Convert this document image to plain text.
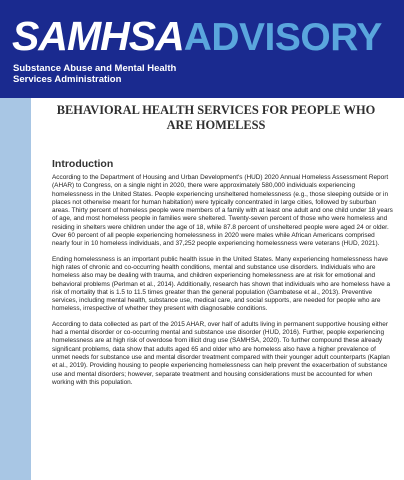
SAMHSAADVISORY
Substance Abuse and Mental Health
Services Administration
BEHAVIORAL HEALTH SERVICES FOR PEOPLE WHO ARE HOMELESS
Introduction

According to the Department of Housing and Urban Development's (HUD) 2020 Annual Homeless Assessment Report (AHAR) to Congress, on a single night in 2020, there were approximately 580,000 individuals experiencing homelessness in the United States. People experiencing unsheltered homelessness (e.g., those sleeping outside or in places not otherwise meant for human habitation) were typically concentrated in large cities, followed by suburban areas. Thirty percent of homeless people were members of a family with at least one adult and one child under 18 years of age, and most homeless people in families were sheltered. Twenty-seven percent of those who were homeless and residing in shelters were children under the age of 18, while 87.8 percent of unsheltered people were aged 24 or older. Over 60 percent of all people experiencing homelessness in 2020 were males while African Americans comprised nearly four in 10 homeless individuals, and 37,252 people experiencing homelessness were veterans (HUD, 2021).

Ending homelessness is an important public health issue in the United States. Many experiencing homelessness have high rates of chronic and co-occurring health conditions, mental and substance use disorders. Individuals who are homeless also may be dealing with trauma, and children experiencing homelessness are at risk for emotional and behavioral problems (Perlman et al., 2014). Additionally, research has shown that individuals who are homeless have a risk of mortality that is 1.5 to 11.5 times greater than the general population (Gambatese et al., 2013). Preventive services, including mental health, substance use, medical care, and social supports, are needed for people who are homeless, irrespective of whether they present with diagnosable conditions.

According to data collected as part of the 2015 AHAR, over half of adults living in permanent supportive housing either had a mental disorder or co-occurring mental and substance use disorder (HUD, 2016). Further, people experiencing homelessness are at high risk of overdose from illicit drug use (SAMHSA, 2020). To further compound these already significant problems, data show that adults aged 65 and older who are homeless also have a higher prevalence of unmet needs for substance use and mental disorder treatment compared with their younger adult counterparts (Kaplan et al., 2019). Providing housing to people experiencing homelessness can help prevent the exacerbation of substance use and mental disorders; however, separate treatment and housing considerations must be accounted for when working with this population.
